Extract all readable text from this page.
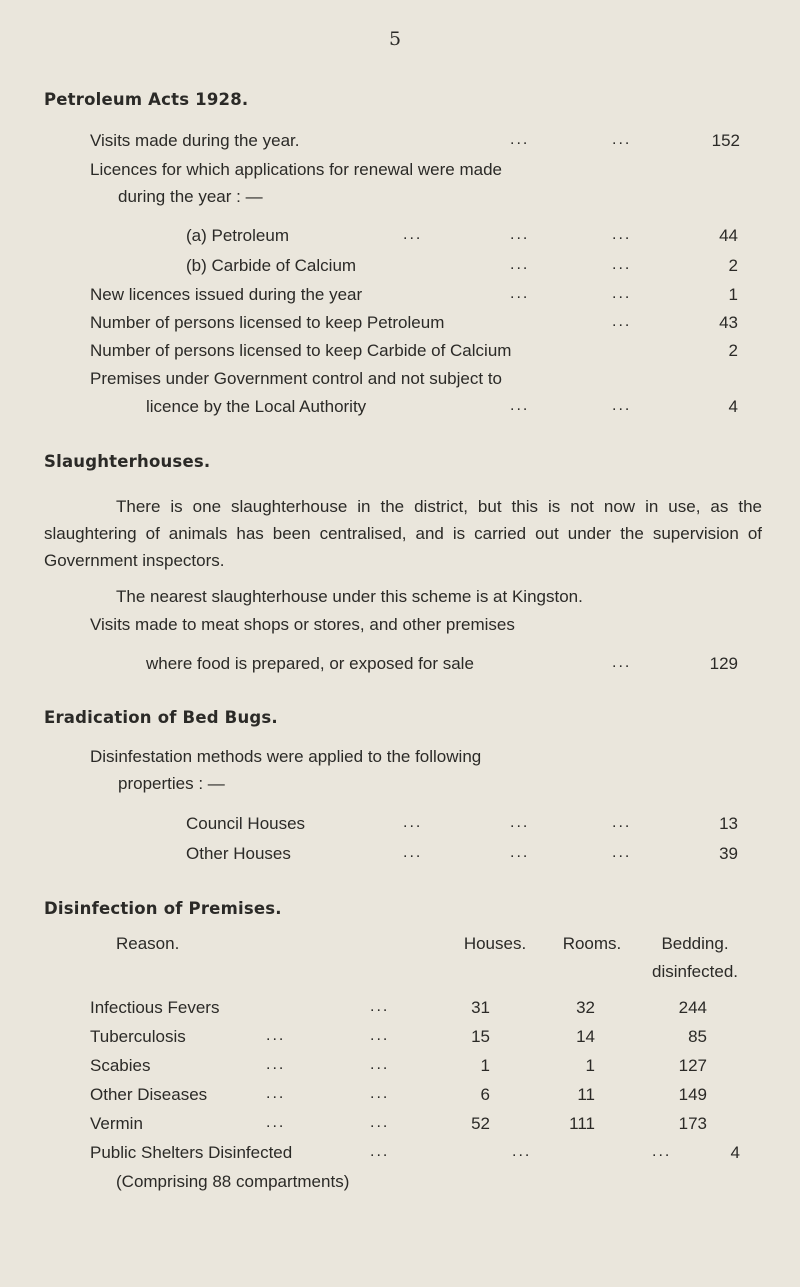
5
Petroleum Acts 1928.
Visits made during the year.	...	...	152
Licences for which applications for renewal were made
during the year : —
(a) Petroleum	...	...	...	44
(b) Carbide of Calcium	...	...	2
New licences issued during the year	...	...	1
Number of persons licensed to keep Petroleum	...	43
Number of persons licensed to keep Carbide of Calcium	2
Premises under Government control and not subject to
licence by the Local Authority	...	...	4
Slaughterhouses.
There is one slaughterhouse in the district, but this is not now in use, as the slaughtering of animals has been centralised, and is carried out under the supervision of Government inspectors.
The nearest slaughterhouse under this scheme is at Kingston.
Visits made to meat shops or stores, and other premises
where food is prepared, or exposed for sale	...	129
Eradication of Bed Bugs.
Disinfestation methods were applied to the following
properties : —
Council Houses	...	...	...	13
Other Houses	...	...	...	39
Disinfection of Premises.
Reason.	Houses.	Rooms.	Bedding.
disinfected.
Infectious Fevers	...	31	32	244
Tuberculosis	...	...	15	14	85
Scabies	...	...	1	1	127
Other Diseases	...	...	6	11	149
Vermin	...	...	52	111	173
Public Shelters Disinfected	...	...	...	4
(Comprising 88 compartments)
